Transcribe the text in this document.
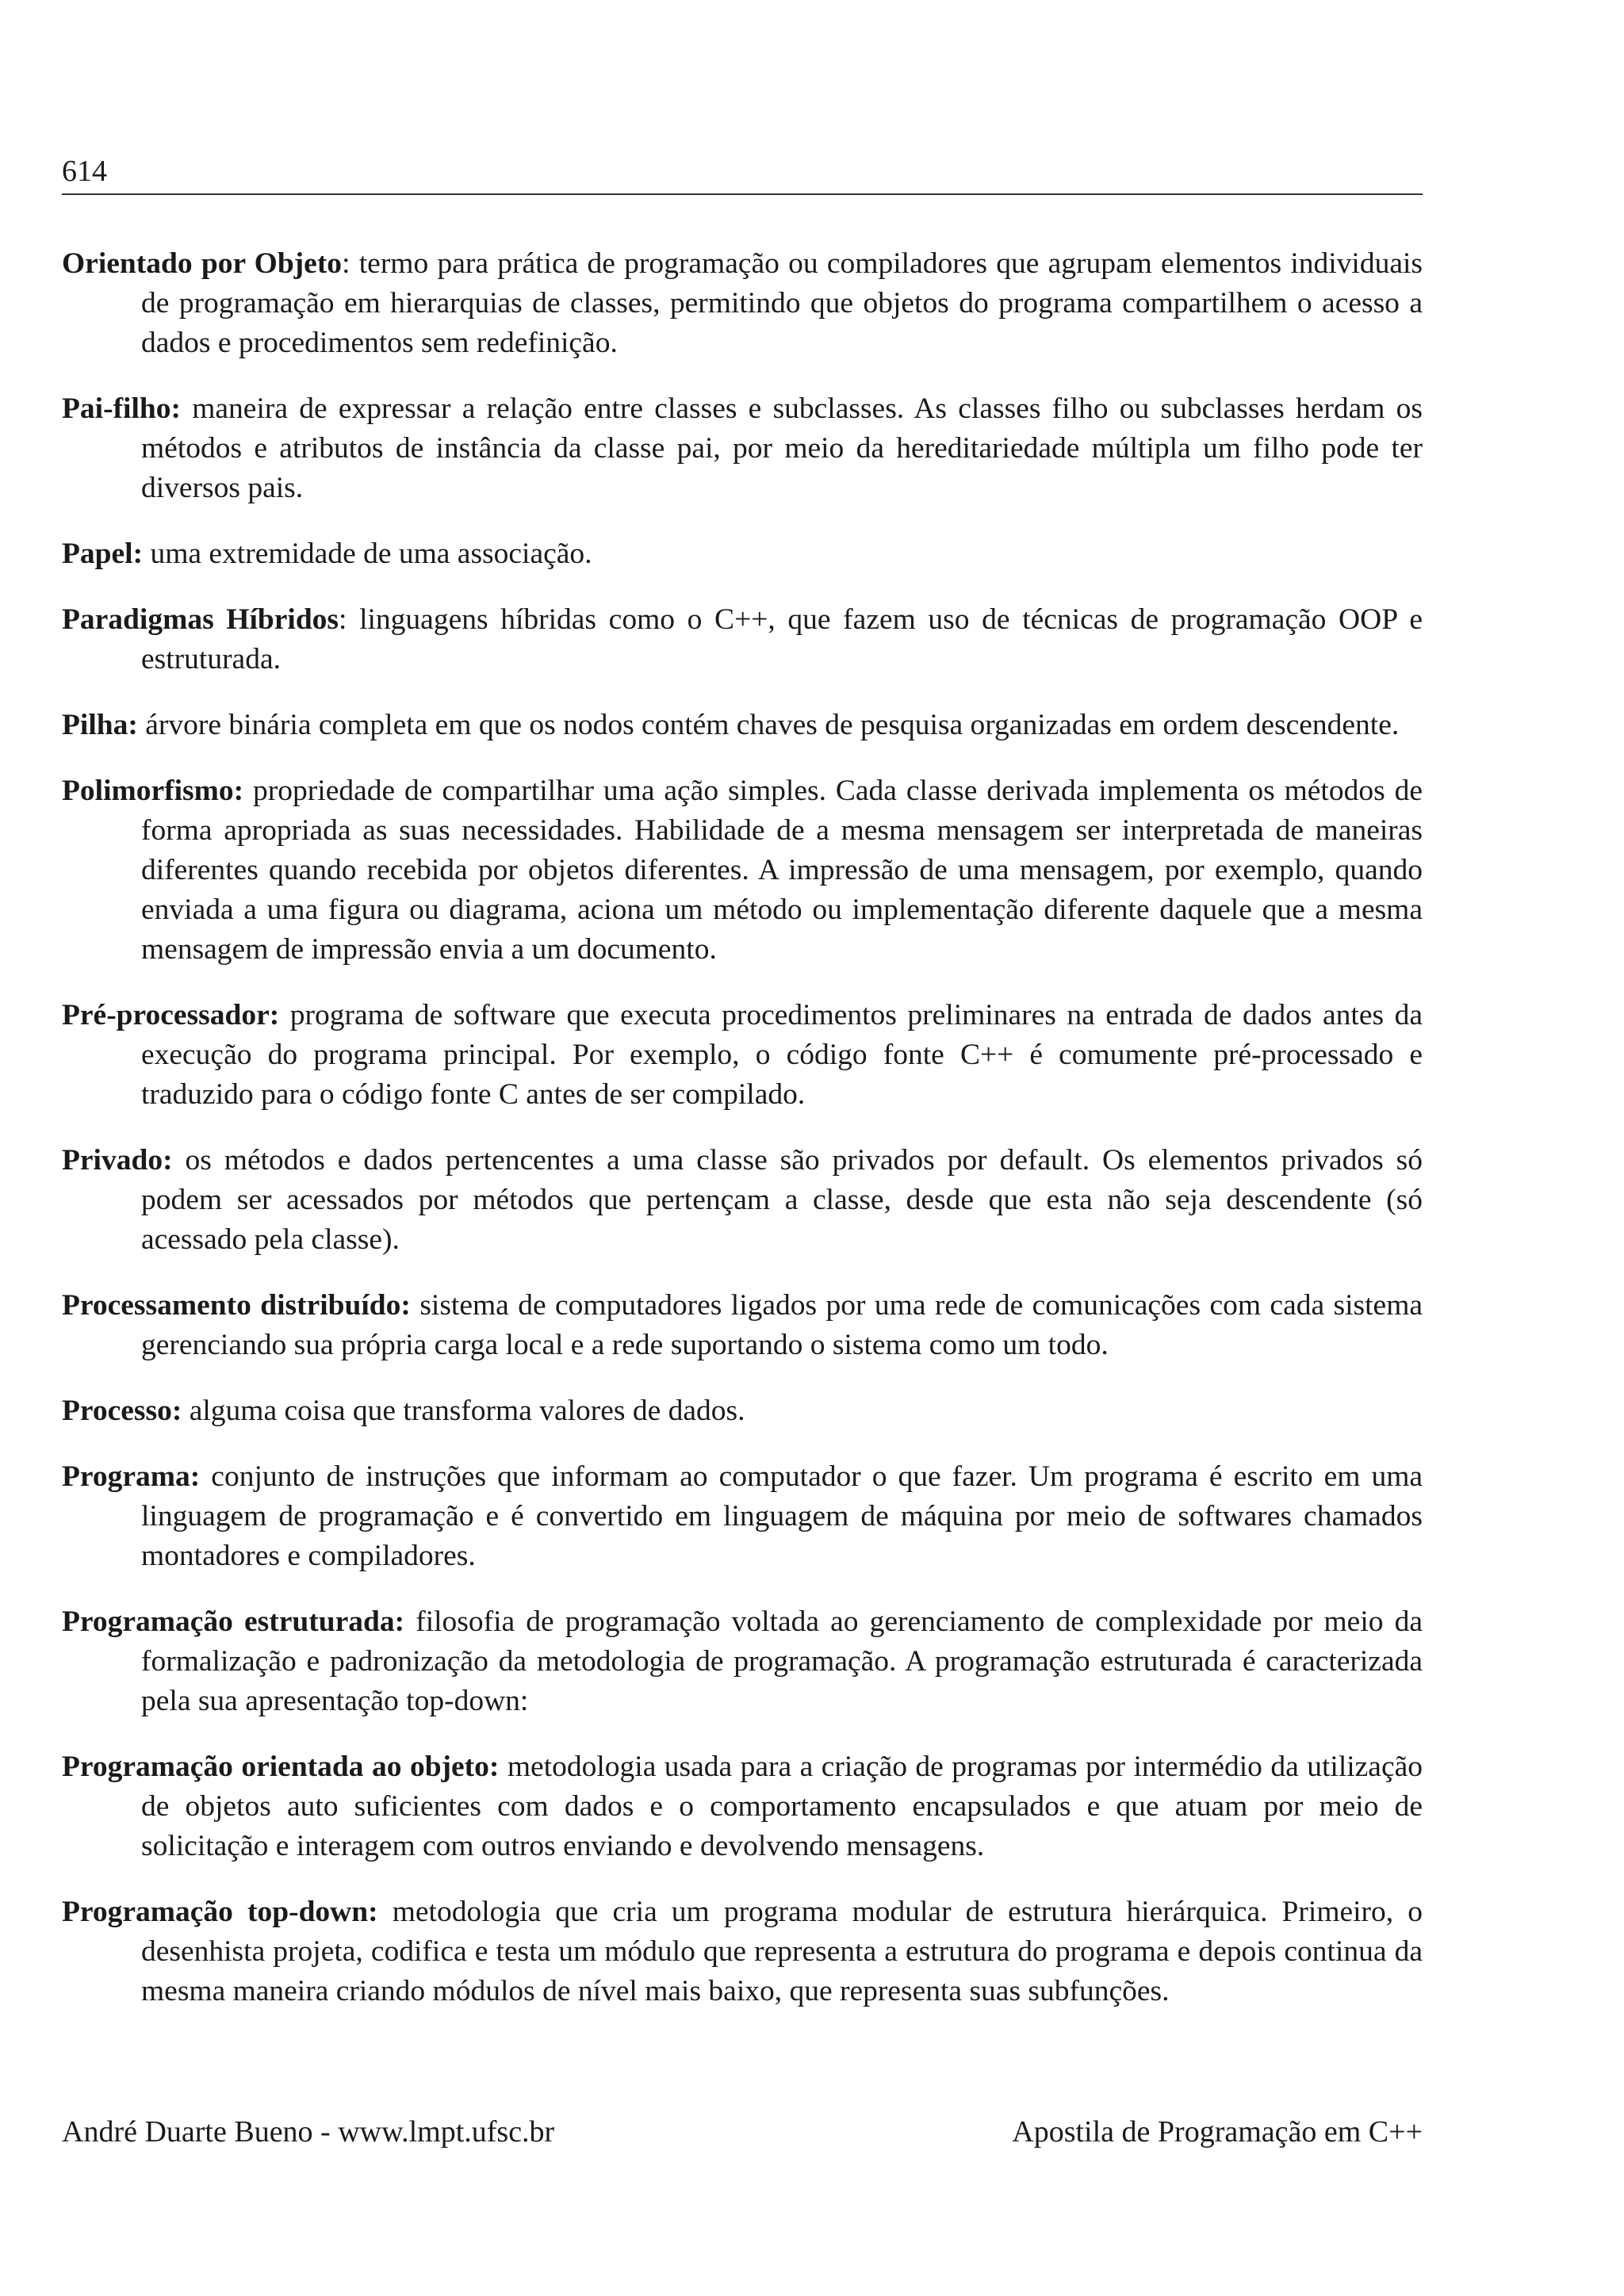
614

Orientado por Objeto: termo para prática de programação ou compiladores que agrupam elementos individuais de programação em hierarquias de classes, permitindo que objetos do programa compartilhem o acesso a dados e procedimentos sem redefinição.

Pai-filho: maneira de expressar a relação entre classes e subclasses. As classes filho ou subclasses herdam os métodos e atributos de instância da classe pai, por meio da hereditariedade múltipla um filho pode ter diversos pais.

Papel: uma extremidade de uma associação.

Paradigmas Híbridos: linguagens híbridas como o C++, que fazem uso de técnicas de programação OOP e estruturada.

Pilha: árvore binária completa em que os nodos contém chaves de pesquisa organizadas em ordem descendente.

Polimorfismo: propriedade de compartilhar uma ação simples. Cada classe derivada implementa os métodos de forma apropriada as suas necessidades. Habilidade de a mesma mensagem ser interpretada de maneiras diferentes quando recebida por objetos diferentes. A impressão de uma mensagem, por exemplo, quando enviada a uma figura ou diagrama, aciona um método ou implementação diferente daquele que a mesma mensagem de impressão envia a um documento.

Pré-processador: programa de software que executa procedimentos preliminares na entrada de dados antes da execução do programa principal. Por exemplo, o código fonte C++ é comumente pré-processado e traduzido para o código fonte C antes de ser compilado.

Privado: os métodos e dados pertencentes a uma classe são privados por default. Os elementos privados só podem ser acessados por métodos que pertençam a classe, desde que esta não seja descendente (só acessado pela classe).

Processamento distribuído: sistema de computadores ligados por uma rede de comunicações com cada sistema gerenciando sua própria carga local e a rede suportando o sistema como um todo.

Processo: alguma coisa que transforma valores de dados.

Programa: conjunto de instruções que informam ao computador o que fazer. Um programa é escrito em uma linguagem de programação e é convertido em linguagem de máquina por meio de softwares chamados montadores e compiladores.

Programação estruturada: filosofia de programação voltada ao gerenciamento de complexidade por meio da formalização e padronização da metodologia de programação. A programação estruturada é caracterizada pela sua apresentação top-down:

Programação orientada ao objeto: metodologia usada para a criação de programas por intermédio da utilização de objetos auto suficientes com dados e o comportamento encapsulados e que atuam por meio de solicitação e interagem com outros enviando e devolvendo mensagens.

Programação top-down: metodologia que cria um programa modular de estrutura hierárquica. Primeiro, o desenhista projeta, codifica e testa um módulo que representa a estrutura do programa e depois continua da mesma maneira criando módulos de nível mais baixo, que representa suas subfunções.

André Duarte Bueno - www.lmpt.ufsc.br	Apostila de Programação em C++
